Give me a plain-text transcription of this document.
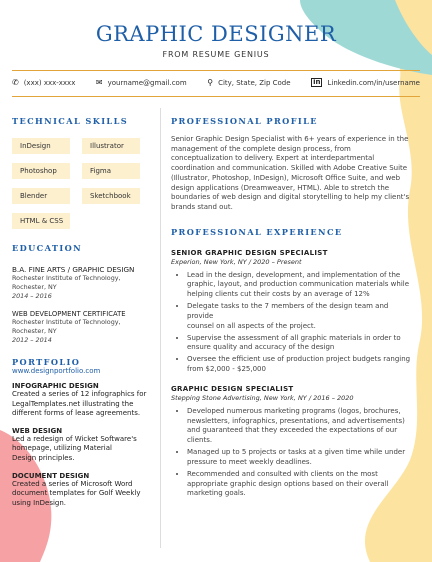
GRAPHIC DESIGNER
FROM RESUME GENIUS
✆ (xxx) xxx-xxxx	✉ yourname@gmail.com	⚲ City, State, Zip Code	in Linkedin.com/in/username
TECHNICAL SKILLS
InDesign	Illustrator
Photoshop	Figma
Blender	Sketchbook
HTML & CSS
EDUCATION
B.A. FINE ARTS / GRAPHIC DESIGN
Rochester Institute of Technology,
Rochester, NY
2014 – 2016
WEB DEVELOPMENT CERTIFICATE
Rochester Institute of Technology,
Rochester, NY
2012 – 2014
PORTFOLIO
www.designportfolio.com
INFOGRAPHIC DESIGN
Created a series of 12 infographics for
LegalTemplates.net illustrating the
different forms of lease agreements.
WEB DESIGN
Led a redesign of Wicket Software's
homepage, utilizing Material
Design principles.
DOCUMENT DESIGN
Created a series of Microsoft Word
document templates for Golf Weekly
using InDesign.
PROFESSIONAL PROFILE
Senior Graphic Design Specialist with 6+ years of experience in the
management of the complete design process, from
conceptualization to delivery. Expert at interdepartmental
coordination and communication. Skilled with Adobe Creative Suite
(Illustrator, Photoshop, InDesign), Microsoft Office Suite, and web
design applications (Dreamweaver, HTML). Able to stretch the
boundaries of web design and digital storytelling to help my client's
brands stand out.
PROFESSIONAL EXPERIENCE
SENIOR GRAPHIC DESIGN SPECIALIST
Experion, New York, NY / 2020 – Present
• Lead in the design, development, and implementation of the
graphic, layout, and production communication materials while
helping clients cut their costs by an average of 12%
• Delegate tasks to the 7 members of the design team and provide
counsel on all aspects of the project.
• Supervise the assessment of all graphic materials in order to
ensure quality and accuracy of the design
• Oversee the efficient use of production project budgets ranging
from $2,000 - $25,000
GRAPHIC DESIGN SPECIALIST
Stepping Stone Advertising, New York, NY / 2016 – 2020
• Developed numerous marketing programs (logos, brochures,
newsletters, infographics, presentations, and advertisements)
and guaranteed that they exceeded the expectations of our
clients.
• Managed up to 5 projects or tasks at a given time while under
pressure to meet weekly deadlines.
• Recommended and consulted with clients on the most
appropriate graphic design options based on their overall
marketing goals.
